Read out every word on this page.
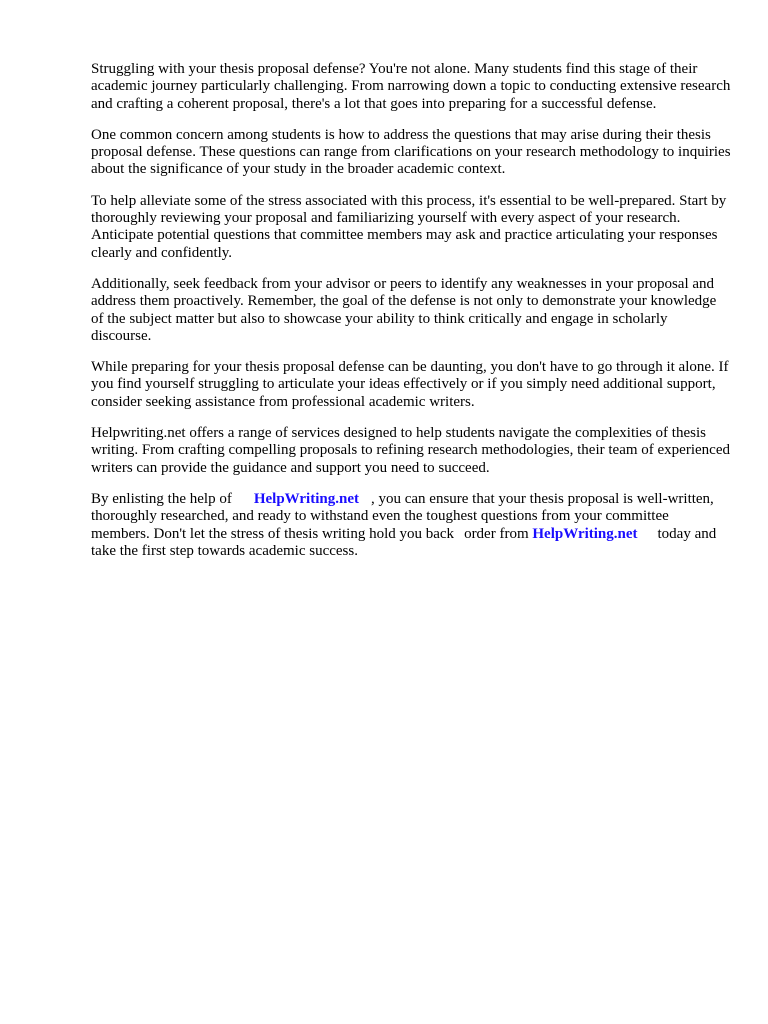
Struggling with your thesis proposal defense? You're not alone. Many students find this stage of their academic journey particularly challenging. From narrowing down a topic to conducting extensive research and crafting a coherent proposal, there's a lot that goes into preparing for a successful defense.

One common concern among students is how to address the questions that may arise during their thesis proposal defense. These questions can range from clarifications on your research methodology to inquiries about the significance of your study in the broader academic context.

To help alleviate some of the stress associated with this process, it's essential to be well-prepared. Start by thoroughly reviewing your proposal and familiarizing yourself with every aspect of your research. Anticipate potential questions that committee members may ask and practice articulating your responses clearly and confidently.

Additionally, seek feedback from your advisor or peers to identify any weaknesses in your proposal and address them proactively. Remember, the goal of the defense is not only to demonstrate your knowledge of the subject matter but also to showcase your ability to think critically and engage in scholarly discourse.

While preparing for your thesis proposal defense can be daunting, you don't have to go through it alone. If you find yourself struggling to articulate your ideas effectively or if you simply need additional support, consider seeking assistance from professional academic writers.

Helpwriting.net offers a range of services designed to help students navigate the complexities of thesis writing. From crafting compelling proposals to refining research methodologies, their team of experienced writers can provide the guidance and support you need to succeed.

By enlisting the help of HelpWriting.net , you can ensure that your thesis proposal is well-written, thoroughly researched, and ready to withstand even the toughest questions from your committee members. Don't let the stress of thesis writing hold you back order from HelpWriting.net today and take the first step towards academic success.
